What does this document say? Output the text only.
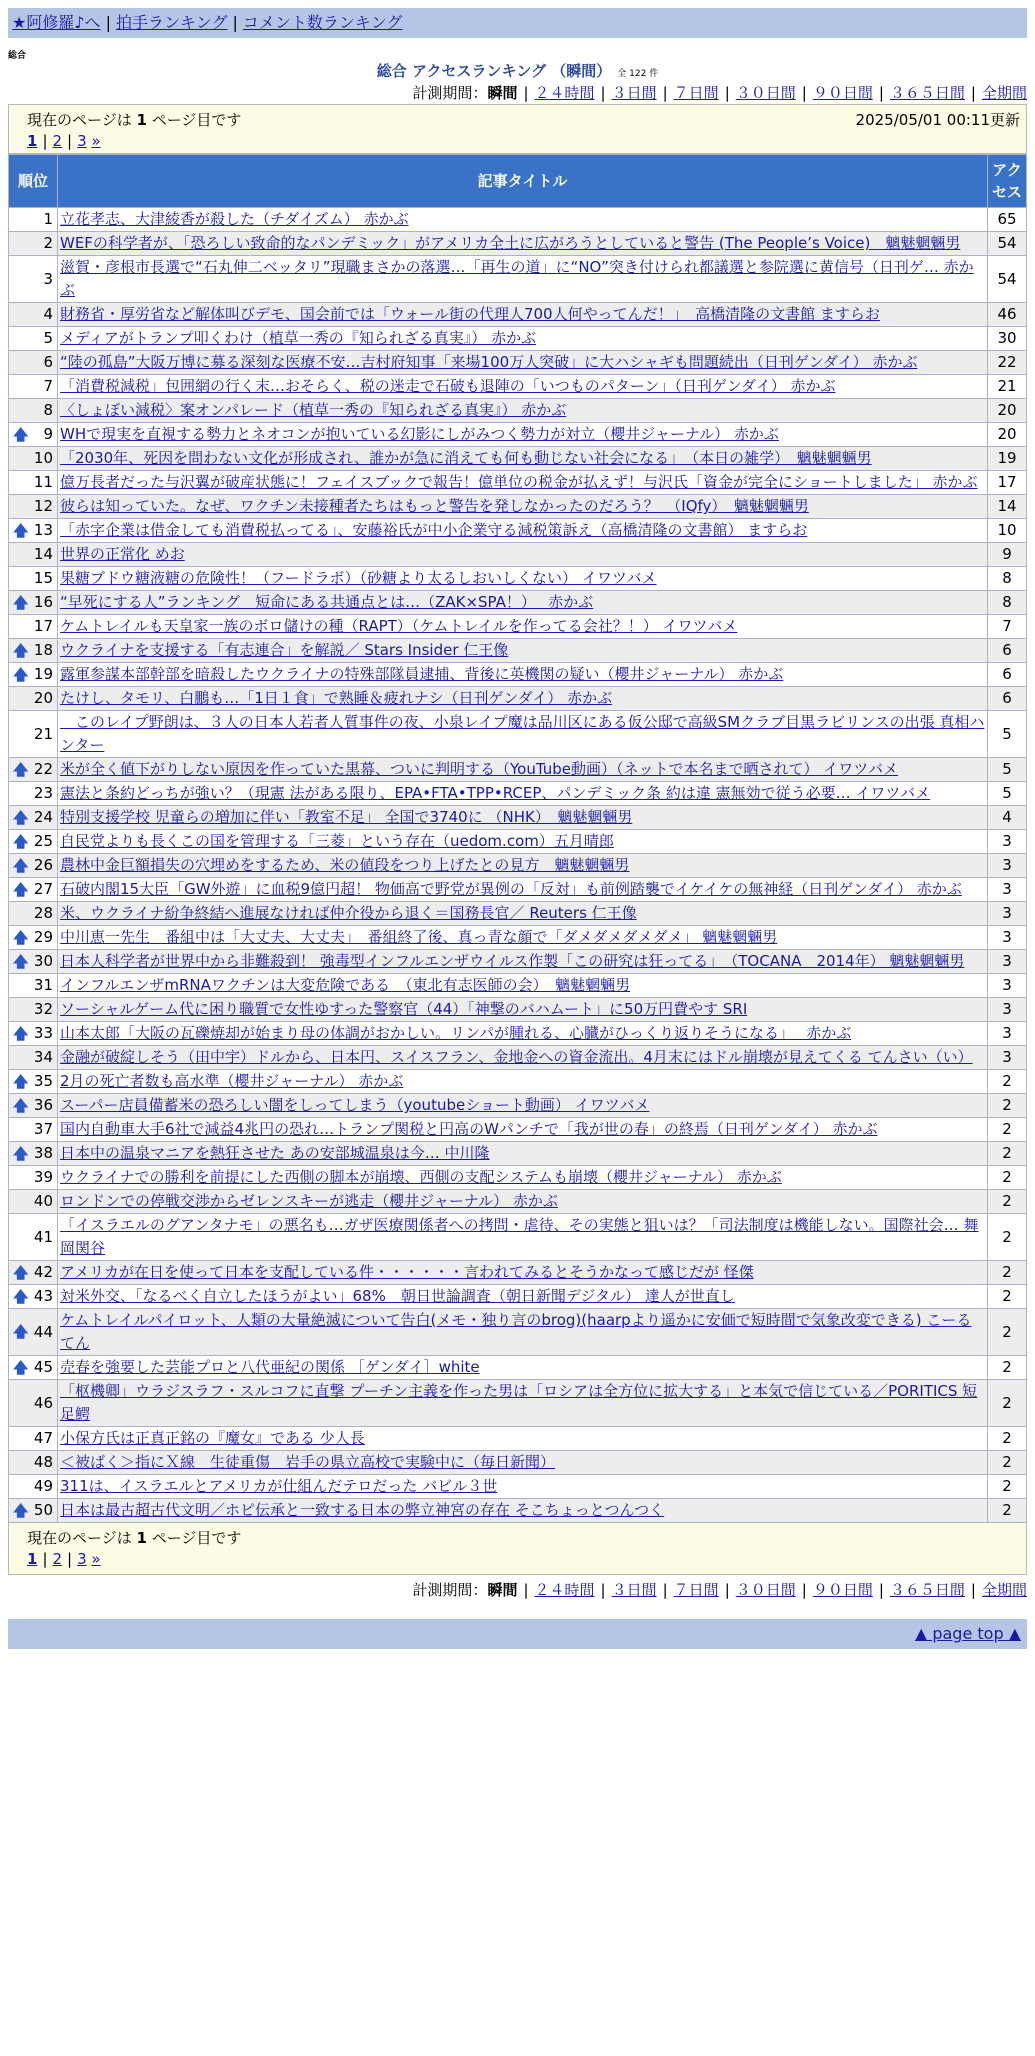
★阿修羅♪へ | 拍手ランキング | コメント数ランキング
総合
総合 アクセスランキング （瞬間） 全 122 件
計測期間：瞬間 | ２４時間 | ３日間 | ７日間 | ３０日間 | ９０日間 | ３６５日間 | 全期間
現在のページは 1 ページ目です	2025/05/01 00:11更新
1 | 2 | 3 »
順位	記事タイトル	アクセス
1	立花孝志、大津綾香が殺した（チダイズム） 赤かぶ	65
2	WEFの科学者が、「恐ろしい致命的なパンデミック」がアメリカ全土に広がろうとしていると警告 (The People’s Voice)　魑魅魍魎男	54
3	滋賀・彦根市長選で“石丸伸二ベッタリ”現職まさかの落選…「再生の道」に“NO”突き付けられ都議選と参院選に黄信号（日刊ゲ… 赤かぶ	54
4	財務省・厚労省など解体叫びデモ、国会前では「ウォール街の代理人700人何やってんだ！」　高橋清隆の文書館 ますらお	46
5	メディアがトランプ叩くわけ（植草一秀の『知られざる真実』） 赤かぶ	30
6	“陸の孤島”大阪万博に募る深刻な医療不安…吉村府知事「来場100万人突破」に大ハシャギも問題続出（日刊ゲンダイ） 赤かぶ	22
7	「消費税減税」包囲網の行く末…おそらく、税の迷走で石破も退陣の「いつものパターン」（日刊ゲンダイ） 赤かぶ	21
8	〈しょぼい減税〉案オンパレード（植草一秀の『知られざる真実』） 赤かぶ	20

🡅 9	WHで現実を直視する勢力とネオコンが抱いている幻影にしがみつく勢力が対立（櫻井ジャーナル） 赤かぶ	20
10	「2030年、死因を問わない文化が形成され、誰かが急に消えても何も動じない社会になる」　（本日の雑学）　魑魅魍魎男	19
11	億万長者だった与沢翼が破産状態に！フェイスブックで報告！億単位の税金が払えず！与沢氏「資金が完全にショートしました」 赤かぶ	17
12	彼らは知っていた。なぜ、ワクチン未接種者たちはもっと警告を発しなかったのだろう？　（IQfy）　魑魅魍魎男	14

🡅 13	「赤字企業は借金しても消費税払ってる」、安藤裕氏が中小企業守る減税策訴え（高橋清隆の文書館） ますらお	10
14	世界の正常化 めお	9
15	果糖ブドウ糖液糖の危険性！（フードラボ）（砂糖より太るしおいしくない） イワツバメ	8

🡅 16	“早死にする人”ランキング　短命にある共通点とは…（ZAK×SPA！）　 赤かぶ	8
17	ケムトレイルも天皇家一族のボロ儲けの種（RAPT）（ケムトレイルを作ってる会社？！） イワツバメ	7

🡅 18	ウクライナを支援する「有志連合」を解説／ Stars Insider 仁王像	6

🡅 19	露軍参謀本部幹部を暗殺したウクライナの特殊部隊員逮捕、背後に英機関の疑い（櫻井ジャーナル） 赤かぶ	6
20	たけし、タモリ、白鵬も…「1日１食」で熟睡＆疲れナシ（日刊ゲンダイ） 赤かぶ	6
21	　このレイプ野朗は、３人の日本人若者人質事件の夜、小泉レイプ魔は品川区にある仮公邸で高級SMクラブ目黒ラビリンスの出張 真相ハンター	5

🡅 22	米が全く値下がりしない原因を作っていた黒幕、ついに判明する（YouTube動画）（ネットで本名まで晒されて） イワツバメ	5
23	憲法と条約どっちが強い？（現憲 法がある限り、EPA•FTA•TPP•RCEP、パンデミック条 約は違 憲無効で従う必要… イワツバメ	5

🡅 24	特別支援学校 児童らの増加に伴い「教室不足」 全国で3740に （NHK）　魑魅魍魎男	4

🡅 25	自民党よりも長くこの国を管理する「三菱」という存在（uedom.com）五月晴郎	3

🡅 26	農林中金巨額損失の穴埋めをするため、米の値段をつり上げたとの見方　魑魅魍魎男	3

🡅 27	石破内閣15大臣「GW外遊」に血税9億円超！ 物価高で野党が異例の「反対」も前例踏襲でイケイケの無神経（日刊ゲンダイ） 赤かぶ	3
28	米、ウクライナ紛争終結へ進展なければ仲介役から退く＝国務長官／ Reuters 仁王像	3

🡅 29	中川恵一先生　番組中は「大丈夫、大丈夫」　番組終了後、真っ青な顔で「ダメダメダメダメ」 魑魅魍魎男	3

🡅 30	日本人科学者が世界中から非難殺到！ 強毒型インフルエンザウイルス作製「この研究は狂ってる」　（TOCANA　2014年） 魑魅魍魎男	3
31	インフルエンザmRNAワクチンは大変危険である　（東北有志医師の会）　魑魅魍魎男	3
32	ソーシャルゲーム代に困り職質で女性ゆすった警察官（44）「神撃のバハムート」に50万円費やす SRI	3

🡅 33	山本太郎「大阪の瓦礫焼却が始まり母の体調がおかしい。リンパが腫れる、心臓がひっくり返りそうになる」　 赤かぶ	3
34	金融が破綻しそう（田中宇）ドルから、日本円、スイスフラン、金地金への資金流出。4月末にはドル崩壊が見えてくる てんさい（い）	3

🡅 35	2月の死亡者数も高水準（櫻井ジャーナル） 赤かぶ	2

🡅 36	スーパー店員備蓄米の恐ろしい闇をしってしまう（youtubeショート動画） イワツバメ	2
37	国内自動車大手6社で減益4兆円の恐れ…トランプ関税と円高のWパンチで「我が世の春」の終焉（日刊ゲンダイ） 赤かぶ	2

🡅 38	日本中の温泉マニアを熱狂させた あの安部城温泉は今… 中川隆	2
39	ウクライナでの勝利を前提にした西側の脚本が崩壊、西側の支配システムも崩壊（櫻井ジャーナル） 赤かぶ	2
40	ロンドンでの停戦交渉からゼレンスキーが逃走（櫻井ジャーナル） 赤かぶ	2
41	「イスラエルのグアンタナモ」の悪名も…ガザ医療関係者への拷問・虐待、その実態と狙いは？「司法制度は機能しない。国際社会… 舞岡関谷	2

🡅 42	アメリカが在日を使って日本を支配している件・・・・・・言われてみるとそうかなって感じだが 怪傑	2

🡅 43	対米外交、「なるべく自立したほうがよい」68%　朝日世論調査（朝日新聞デジタル） 達人が世直し	2

🡅 44	ケムトレイルパイロット、人類の大量絶滅について告白(メモ・独り言のbrog)(haarpより遥かに安価で短時間で気象改変できる) こーるてん	2

🡅 45	売春を強要した芸能プロと八代亜紀の関係 ［ゲンダイ］white	2
46	「枢機卿」ウラジスラフ・スルコフに直撃 プーチン主義を作った男は「ロシアは全方位に拡大する」と本気で信じている／PORITICS 短足鰐	2
47	小保方氏は正真正銘の『魔女』である 少人長	2
48	＜被ばく＞指にＸ線　生徒重傷　岩手の県立高校で実験中に（毎日新聞）	2
49	311は、イスラエルとアメリカが仕組んだテロだった バビル３世	2

🡅 50	日本は最古超古代文明／ホピ伝承と一致する日本の弊立神宮の存在 そこちょっとつんつく	2
現在のページは 1 ページ目です
1 | 2 | 3 »
計測期間：瞬間 | ２４時間 | ３日間 | ７日間 | ３０日間 | ９０日間 | ３６５日間 | 全期間
▲ page top ▲
